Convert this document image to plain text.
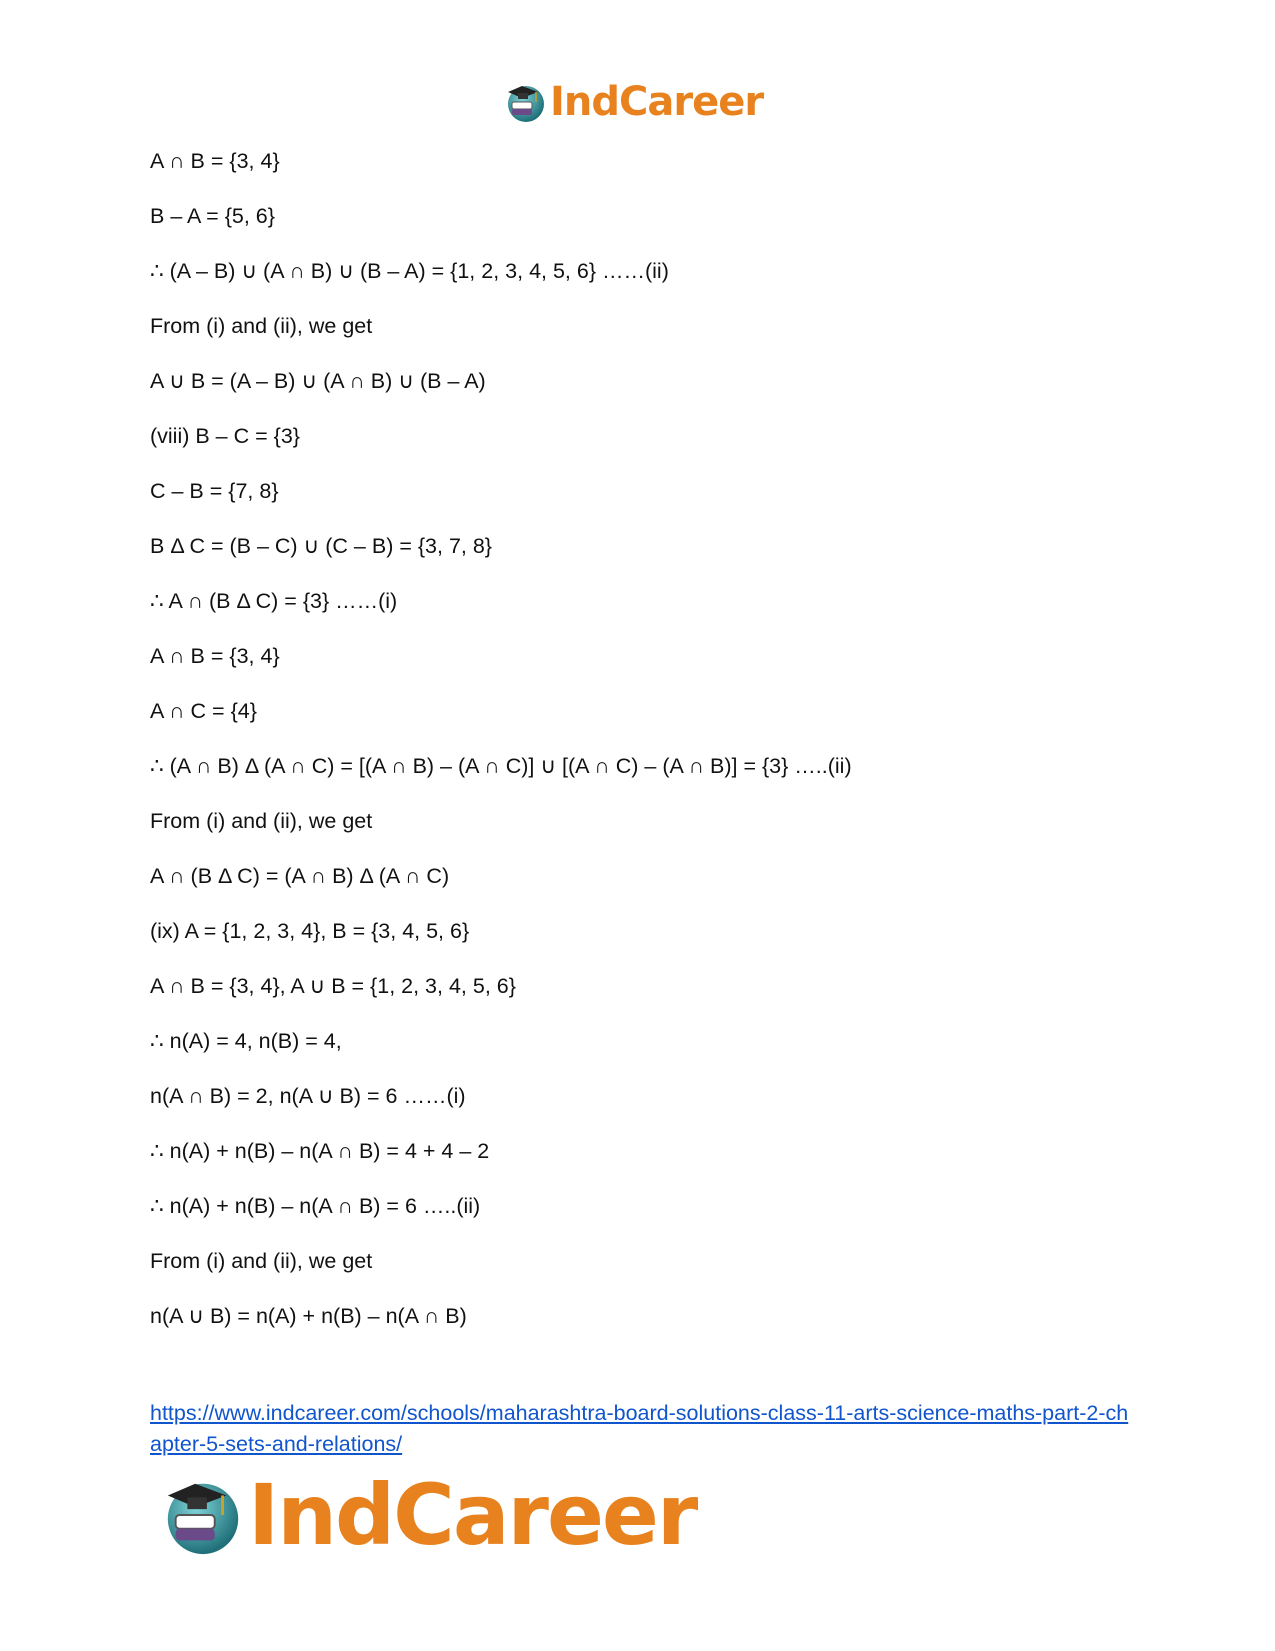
IndCareer
A ∩ B = {3, 4}
B – A = {5, 6}
∴ (A – B) ∪ (A ∩ B) ∪ (B – A) = {1, 2, 3, 4, 5, 6} ……(ii)
From (i) and (ii), we get
A ∪ B = (A – B) ∪ (A ∩ B) ∪ (B – A)
(viii) B – C = {3}
C – B = {7, 8}
B Δ C = (B – C) ∪ (C – B) = {3, 7, 8}
∴ A ∩ (B Δ C) = {3} ……(i)
A ∩ B = {3, 4}
A ∩ C = {4}
∴ (A ∩ B) Δ (A ∩ C) = [(A ∩ B) – (A ∩ C)] ∪ [(A ∩ C) – (A ∩ B)] = {3} …..(ii)
From (i) and (ii), we get
A ∩ (B Δ C) = (A ∩ B) Δ (A ∩ C)
(ix) A = {1, 2, 3, 4}, B = {3, 4, 5, 6}
A ∩ B = {3, 4}, A ∪ B = {1, 2, 3, 4, 5, 6}
∴ n(A) = 4, n(B) = 4,
n(A ∩ B) = 2, n(A ∪ B) = 6 ……(i)
∴ n(A) + n(B) – n(A ∩ B) = 4 + 4 – 2
∴ n(A) + n(B) – n(A ∩ B) = 6 …..(ii)
From (i) and (ii), we get
n(A ∪ B) = n(A) + n(B) – n(A ∩ B)
https://www.indcareer.com/schools/maharashtra-board-solutions-class-11-arts-science-maths-part-2-chapter-5-sets-and-relations/
IndCareer
